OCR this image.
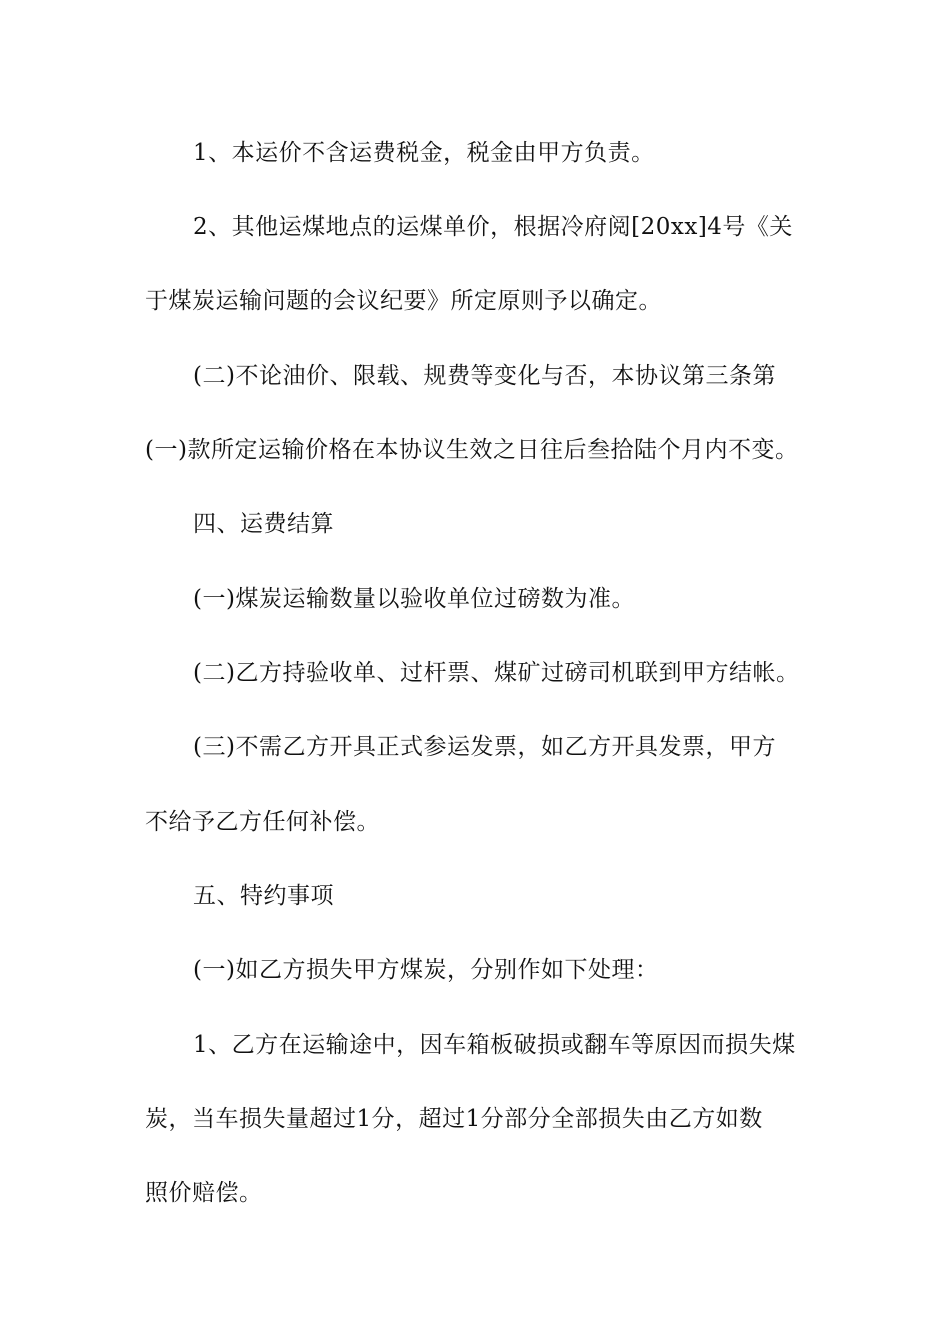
1、本运价不含运费税金，税金由甲方负责。
2、其他运煤地点的运煤单价，根据冷府阅[20xx]4号《关
于煤炭运输问题的会议纪要》所定原则予以确定。
(二)不论油价、限载、规费等变化与否，本协议第三条第
(一)款所定运输价格在本协议生效之日往后叁拾陆个月内不变。
四、运费结算
(一)煤炭运输数量以验收单位过磅数为准。
(二)乙方持验收单、过杆票、煤矿过磅司机联到甲方结帐。
(三)不需乙方开具正式参运发票，如乙方开具发票，甲方
不给予乙方任何补偿。
五、特约事项
(一)如乙方损失甲方煤炭，分别作如下处理：
1、乙方在运输途中，因车箱板破损或翻车等原因而损失煤
炭，当车损失量超过1分，超过1分部分全部损失由乙方如数
照价赔偿。
